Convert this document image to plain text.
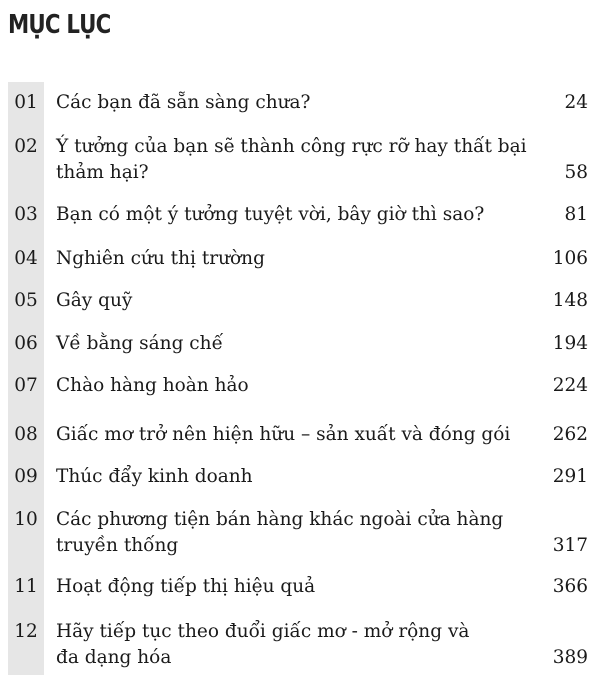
MỤC LỤC
01 Các bạn đã sẵn sàng chưa?	24
02 Ý tưởng của bạn sẽ thành công rực rỡ hay thất bại
thảm hại?	58
03 Bạn có một ý tưởng tuyệt vời, bây giờ thì sao?	81
04 Nghiên cứu thị trường	106
05 Gây quỹ	148
06 Về bằng sáng chế	194
07 Chào hàng hoàn hảo	224
08 Giấc mơ trở nên hiện hữu – sản xuất và đóng gói	262
09 Thúc đẩy kinh doanh	291
10 Các phương tiện bán hàng khác ngoài cửa hàng
truyền thống	317
11 Hoạt động tiếp thị hiệu quả	366
12 Hãy tiếp tục theo đuổi giấc mơ - mở rộng và
đa dạng hóa	389
